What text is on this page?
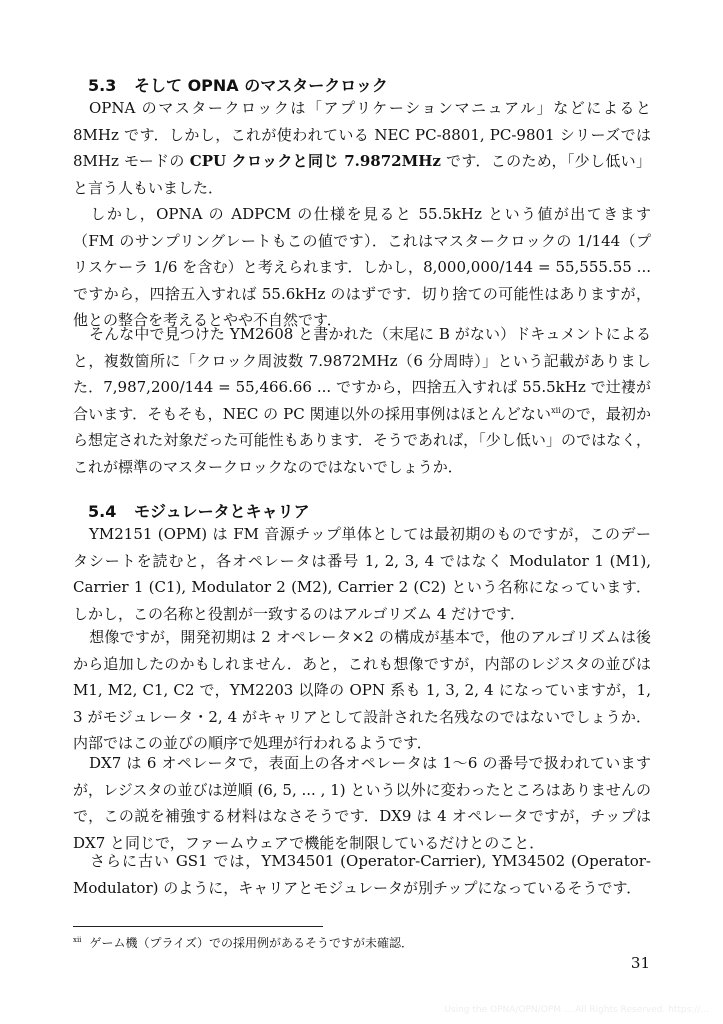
5.3 そして OPNA のマスタークロック

OPNA のマスタークロックは「アプリケーションマニュアル」などによると 8MHz です．しかし，これが使われている NEC PC-8801, PC-9801 シリーズでは 8MHz モードの CPU クロックと同じ 7.9872MHz です．このため，「少し低い」と言う人もいました．

しかし，OPNA の ADPCM の仕様を見ると 55.5kHz という値が出てきます（FM のサンプリングレートもこの値です）．これはマスタークロックの 1/144（プリスケーラ 1/6 を含む）と考えられます．しかし，8,000,000/144 = 55,555.55 ... ですから，四捨五入すれば 55.6kHz のはずです．切り捨ての可能性はありますが，他との整合を考えるとやや不自然です．

そんな中で見つけた YM2608 と書かれた（末尾に B がない）ドキュメントによると，複数箇所に「クロック周波数 7.9872MHz（6 分周時）」という記載がありました．7,987,200/144 = 55,466.66 ... ですから，四捨五入すれば 55.5kHz で辻褄が合います．そもそも，NEC の PC 関連以外の採用事例はほとんどない$^{xii}$ので，最初から想定された対象だった可能性もあります．そうであれば，「少し低い」のではなく，これが標準のマスタークロックなのではないでしょうか．

5.4 モジュレータとキャリア

YM2151 (OPM) は FM 音源チップ単体としては最初期のものですが，このデータシートを読むと，各オペレータは番号 1, 2, 3, 4 ではなく Modulator 1 (M1), Carrier 1 (C1), Modulator 2 (M2), Carrier 2 (C2) という名称になっています．しかし，この名称と役割が一致するのはアルゴリズム 4 だけです．

想像ですが，開発初期は 2 オペレータ×2 の構成が基本で，他のアルゴリズムは後から追加したのかもしれません．あと，これも想像ですが，内部のレジスタの並びは M1, M2, C1, C2 で，YM2203 以降の OPN 系も 1, 3, 2, 4 になっていますが，1, 3 がモジュレータ・2, 4 がキャリアとして設計された名残なのではないでしょうか．内部ではこの並びの順序で処理が行われるようです．

DX7 は 6 オペレータで，表面上の各オペレータは 1〜6 の番号で扱われていますが，レジスタの並びは逆順 (6, 5, ... , 1) という以外に変わったところはありませんので，この説を補強する材料はなさそうです．DX9 は 4 オペレータですが，チップは DX7 と同じで，ファームウェアで機能を制限しているだけとのこと．

さらに古い GS1 では，YM34501 (Operator-Carrier), YM34502 (Operator-Modulator) のように，キャリアとモジュレータが別チップになっているそうです．

$^{xii}$ ゲーム機（プライズ）での採用例があるそうですが未確認．
31
Using the OPNA/OPN/OPM ... All Rights Reserved. https://...
